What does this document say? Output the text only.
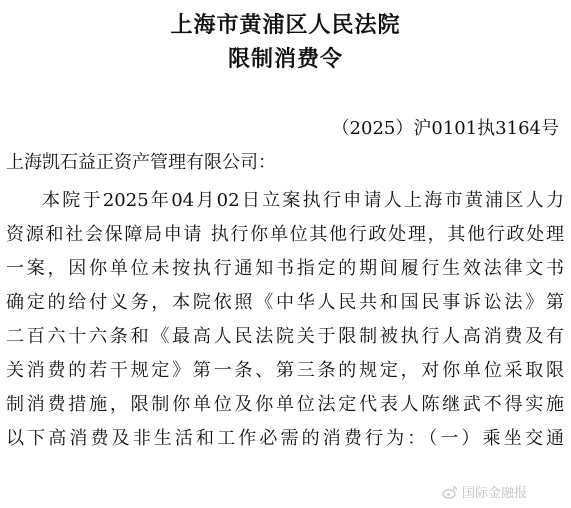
上海市黄浦区人民法院
限制消费令
（2025）沪0101执3164号
上海凯石益正资产管理有限公司：
本院于2025年04月02日立案执行申请人上海市黄浦区人力
资源和社会保障局申请 执行你单位其他行政处理，其他行政处理
一案，因你单位未按执行通知书指定的期间履行生效法律文书
确定的给付义务，本院依照《中华人民共和国民事诉讼法》第
二百六十六条和《最高人民法院关于限制被执行人高消费及有
关消费的若干规定》第一条、第三条的规定，对你单位采取限
制消费措施，限制你单位及你单位法定代表人陈继武不得实施
以下高消费及非生活和工作必需的消费行为：（一）乘坐交通
国际金融报
